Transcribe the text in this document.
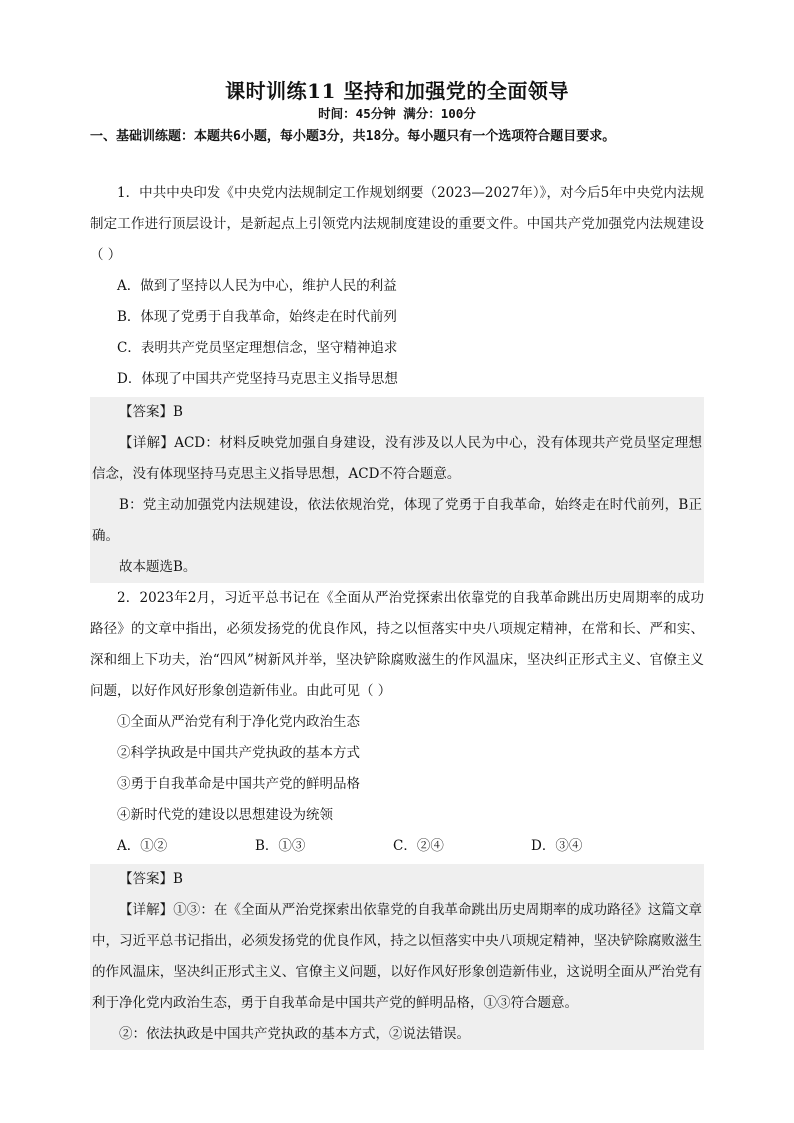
课时训练11 坚持和加强党的全面领导
时间：45分钟 满分：100分
一、基础训练题：本题共6小题，每小题3分，共18分。每小题只有一个选项符合题目要求。

1．中共中央印发《中央党内法规制定工作规划纲要（2023—2027年）》，对今后5年中央党内法规制定工作进行顶层设计，是新起点上引领党内法规制度建设的重要文件。中国共产党加强党内法规建设（ ）

A．做到了坚持以人民为中心，维护人民的利益

B．体现了党勇于自我革命，始终走在时代前列

C．表明共产党员坚定理想信念，坚守精神追求

D．体现了中国共产党坚持马克思主义指导思想

【答案】B

【详解】ACD：材料反映党加强自身建设，没有涉及以人民为中心，没有体现共产党员坚定理想信念，没有体现坚持马克思主义指导思想，ACD不符合题意。

B：党主动加强党内法规建设，依法依规治党，体现了党勇于自我革命，始终走在时代前列，B正确。

故本题选B。

2．2023年2月，习近平总书记在《全面从严治党探索出依靠党的自我革命跳出历史周期率的成功路径》的文章中指出，必须发扬党的优良作风，持之以恒落实中央八项规定精神，在常和长、严和实、深和细上下功夫，治“四风”树新风并举，坚决铲除腐败滋生的作风温床，坚决纠正形式主义、官僚主义问题，以好作风好形象创造新伟业。由此可见（ ）

①全面从严治党有利于净化党内政治生态

②科学执政是中国共产党执政的基本方式

③勇于自我革命是中国共产党的鲜明品格

④新时代党的建设以思想建设为统领

A．①②	B．①③	C．②④	D．③④

【答案】B

【详解】①③：在《全面从严治党探索出依靠党的自我革命跳出历史周期率的成功路径》这篇文章中，习近平总书记指出，必须发扬党的优良作风，持之以恒落实中央八项规定精神，坚决铲除腐败滋生的作风温床，坚决纠正形式主义、官僚主义问题，以好作风好形象创造新伟业，这说明全面从严治党有利于净化党内政治生态，勇于自我革命是中国共产党的鲜明品格，①③符合题意。

②：依法执政是中国共产党执政的基本方式，②说法错误。
